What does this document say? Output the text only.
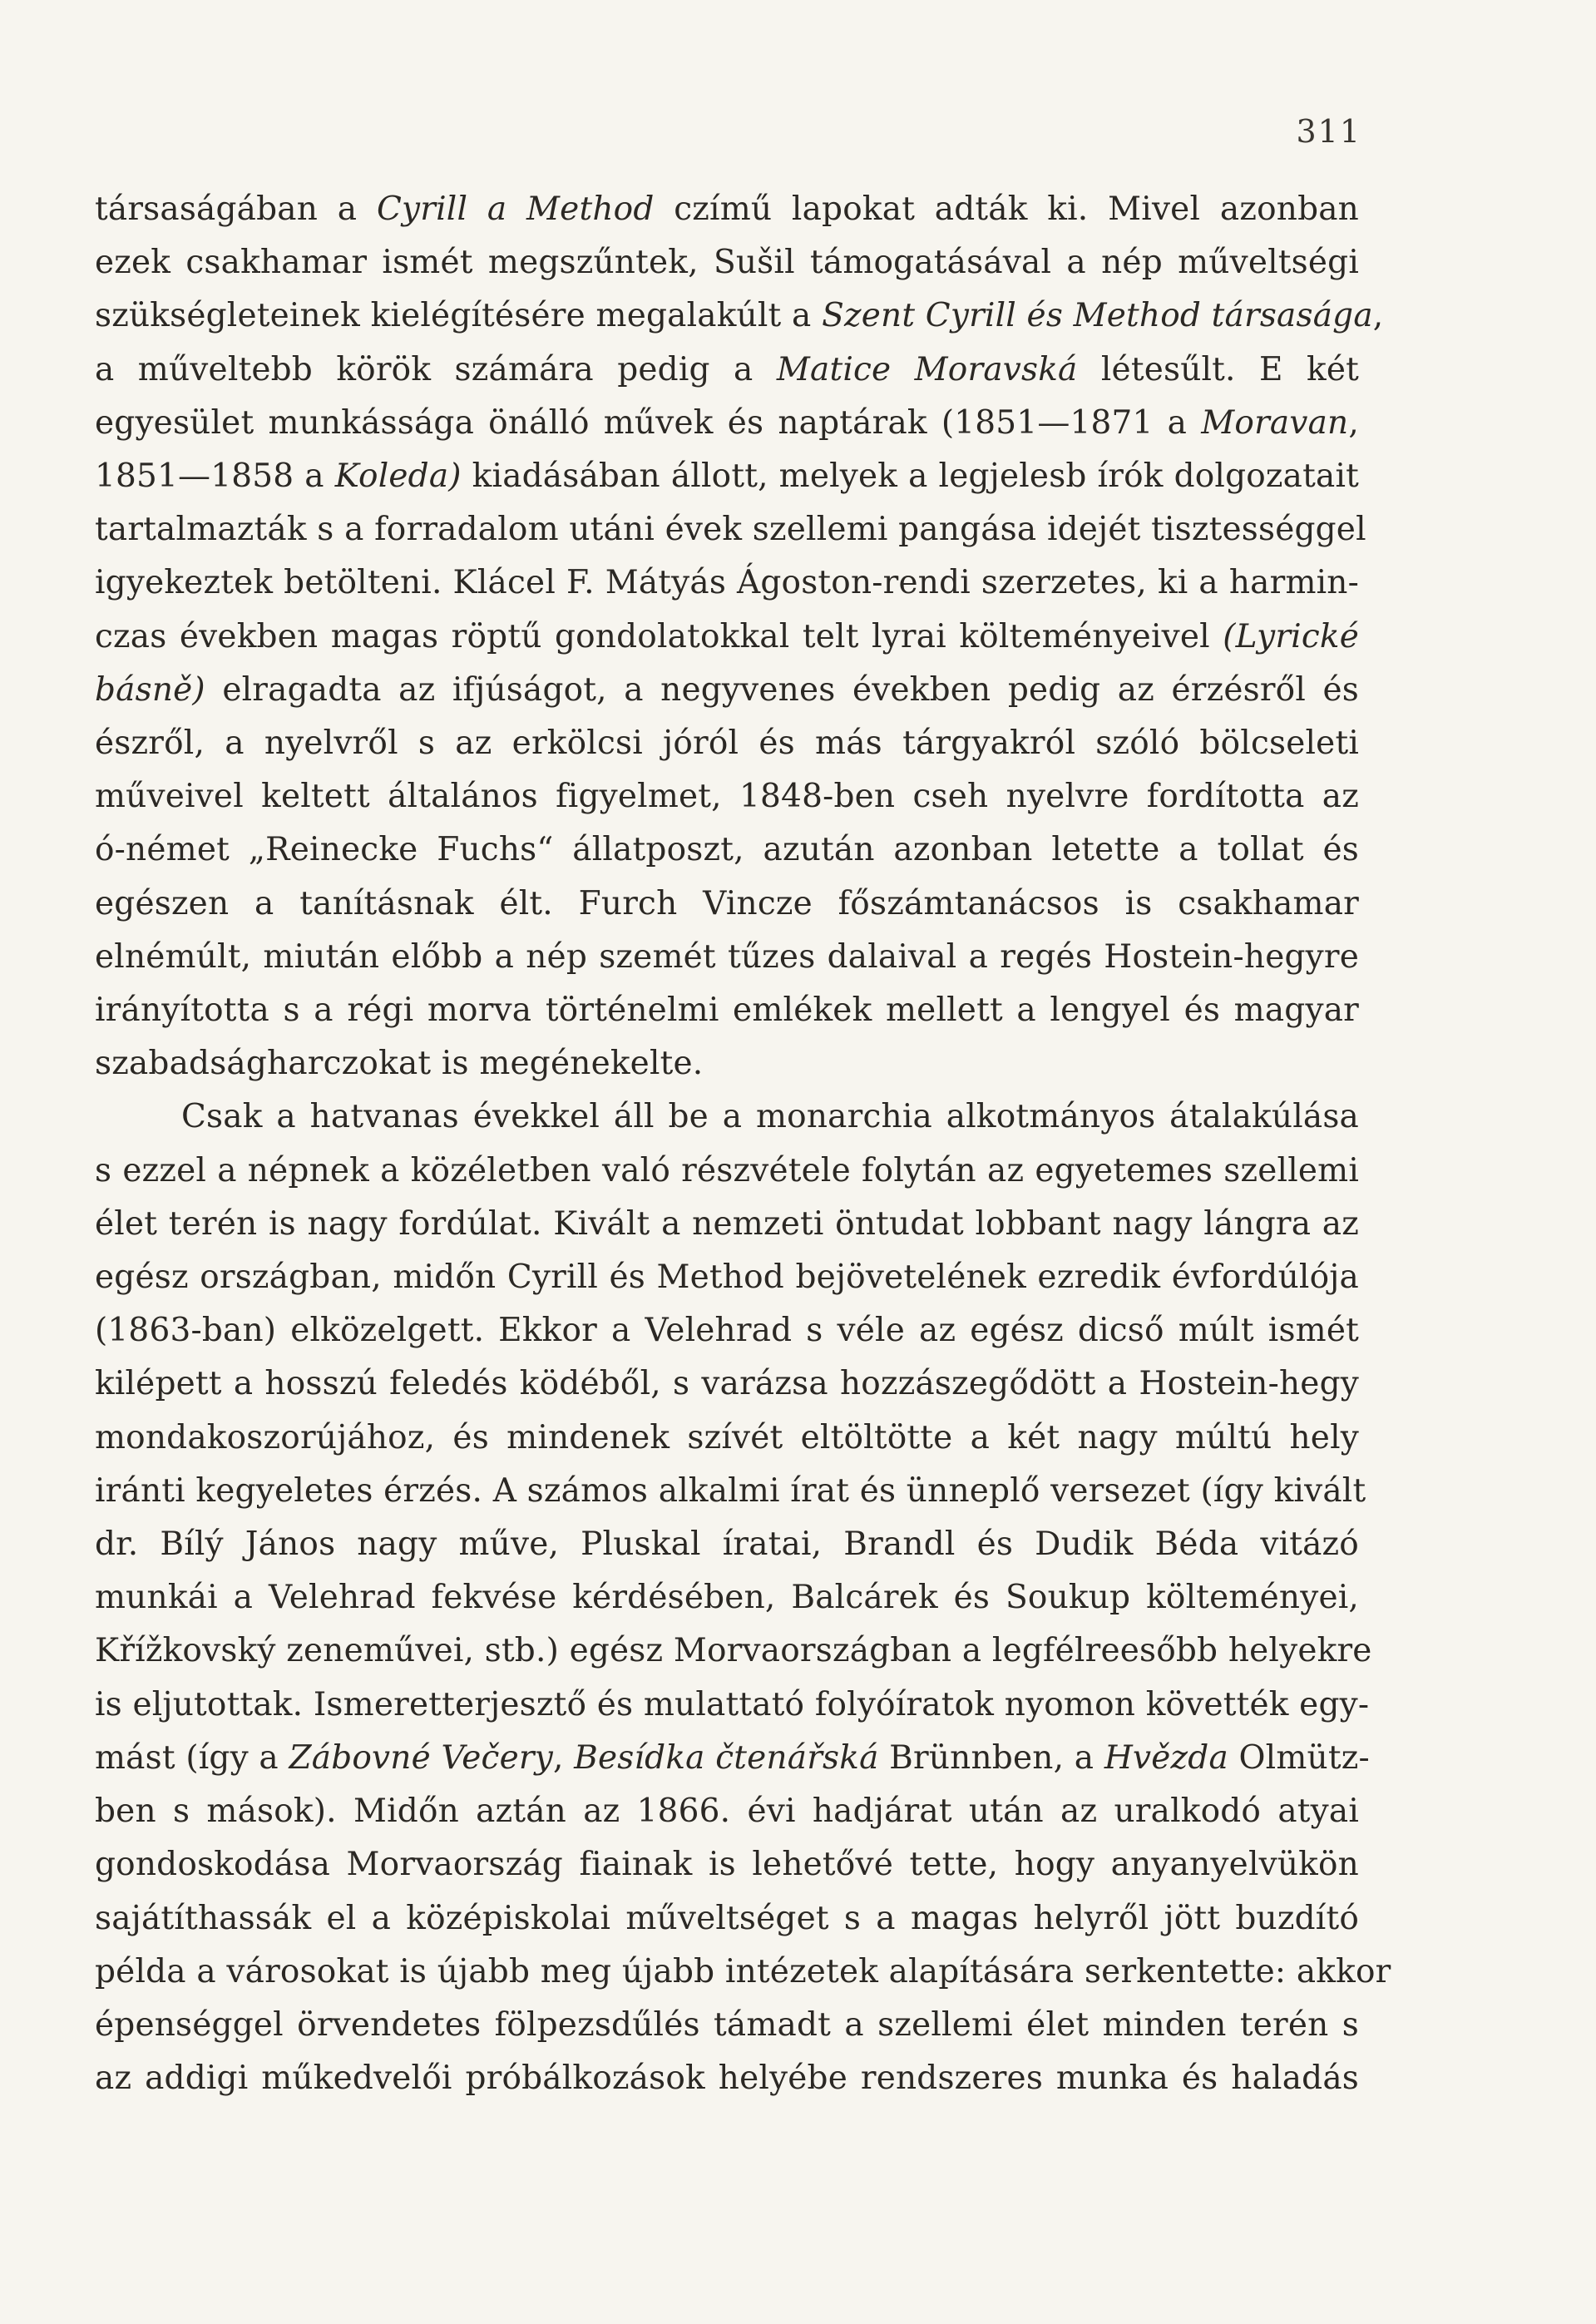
311

társaságában a Cyrill a Method czímű lapokat adták ki. Mivel azonban

ezek csakhamar ismét megszűntek, Sušil támogatásával a nép műveltségi

szükségleteinek kielégítésére megalakúlt a Szent Cyrill és Method társasága,

a műveltebb körök számára pedig a Matice Moravská létesűlt. E két

egyesület munkássága önálló művek és naptárak (1851—1871 a Moravan,

1851—1858 a Koleda) kiadásában állott, melyek a legjelesb írók dolgozatait

tartalmazták s a forradalom utáni évek szellemi pangása idejét tisztességgel

igyekeztek betölteni. Klácel F. Mátyás Ágoston-rendi szerzetes, ki a harmin-

czas években magas röptű gondolatokkal telt lyrai költeményeivel (Lyrické

básně) elragadta az ifjúságot, a negyvenes években pedig az érzésről és

észről, a nyelvről s az erkölcsi jóról és más tárgyakról szóló bölcseleti

műveivel keltett általános figyelmet, 1848-ben cseh nyelvre fordította az

ó-német „Reinecke Fuchs“ állatposzt, azután azonban letette a tollat és

egészen a tanításnak élt. Furch Vincze főszámtanácsos is csakhamar

elnémúlt, miután előbb a nép szemét tűzes dalaival a regés Hostein-hegyre

irányította s a régi morva történelmi emlékek mellett a lengyel és magyar

szabadságharczokat is megénekelte.

Csak a hatvanas évekkel áll be a monarchia alkotmányos átalakúlása

s ezzel a népnek a közéletben való részvétele folytán az egyetemes szellemi

élet terén is nagy fordúlat. Kivált a nemzeti öntudat lobbant nagy lángra az

egész országban, midőn Cyrill és Method bejövetelének ezredik évfordúlója

(1863-ban) elközelgett. Ekkor a Velehrad s véle az egész dicső múlt ismét

kilépett a hosszú feledés ködéből, s varázsa hozzászegődött a Hostein-hegy

mondakoszorújához, és mindenek szívét eltöltötte a két nagy múltú hely

iránti kegyeletes érzés. A számos alkalmi írat és ünneplő versezet (így kivált

dr. Bílý János nagy műve, Pluskal íratai, Brandl és Dudik Béda vitázó

munkái a Velehrad fekvése kérdésében, Balcárek és Soukup költeményei,

Křížkovský zeneművei, stb.) egész Morvaországban a legfélreesőbb helyekre

is eljutottak. Ismeretterjesztő és mulattató folyóíratok nyomon követték egy-

mást (így a Zábovné Večery, Besídka čtenářská Brünnben, a Hvězda Olmütz-

ben s mások). Midőn aztán az 1866. évi hadjárat után az uralkodó atyai

gondoskodása Morvaország fiainak is lehetővé tette, hogy anyanyelvükön

sajátíthassák el a középiskolai műveltséget s a magas helyről jött buzdító

példa a városokat is újabb meg újabb intézetek alapítására serkentette: akkor

épenséggel örvendetes fölpezsdűlés támadt a szellemi élet minden terén s

az addigi műkedvelői próbálkozások helyébe rendszeres munka és haladás
